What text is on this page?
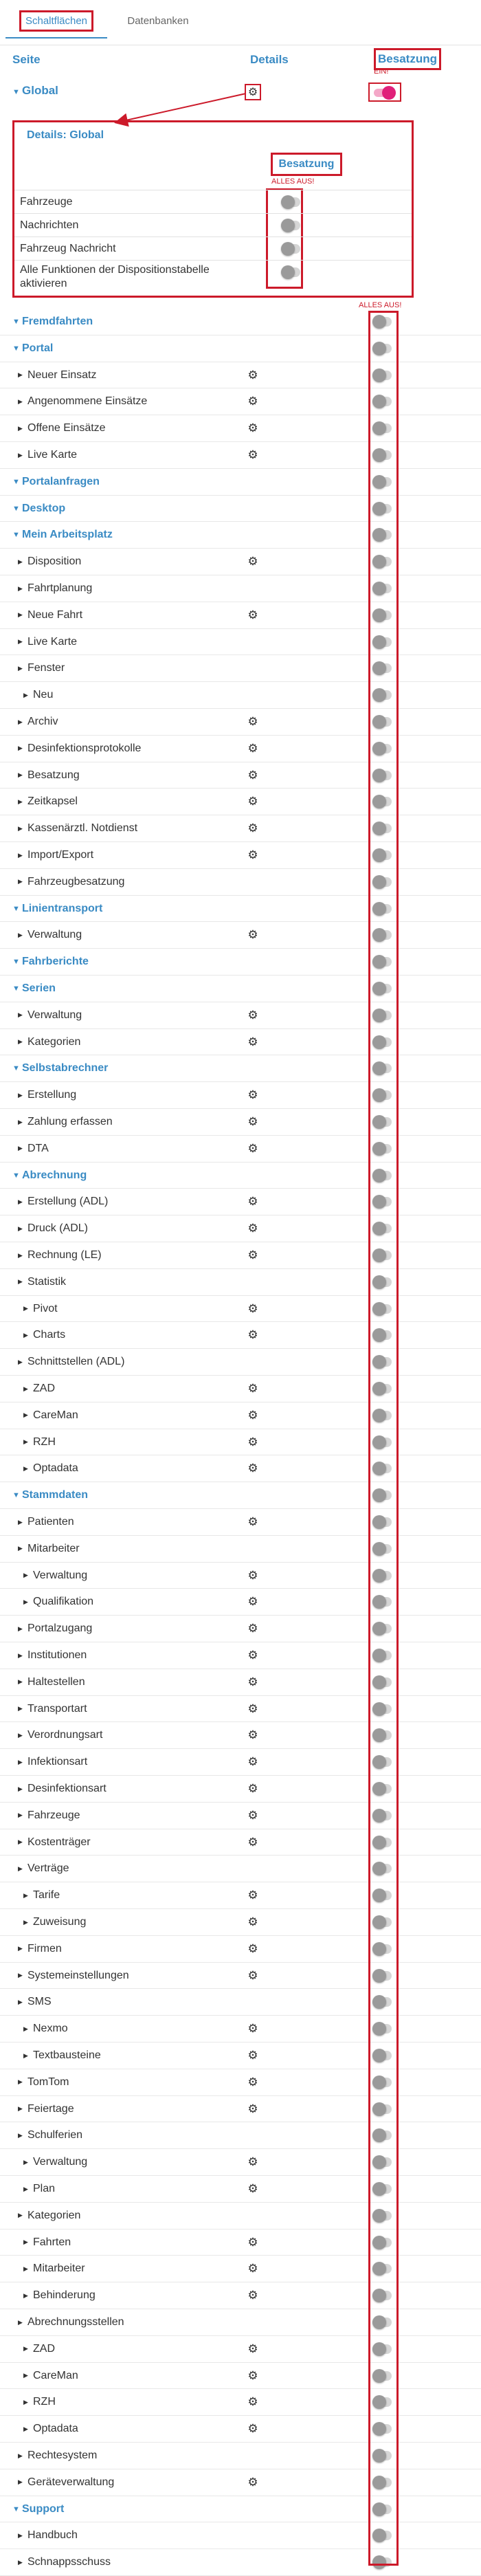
Schaltflächen	Datenbanken
Seite	Details	Besatzung
▼ Global	⚙
EIN!
Details: Global
Besatzung
ALLES AUS!
Fahrzeuge
Nachrichten
Fahrzeug Nachricht
Alle Funktionen der Dispositionstabelle aktivieren
ALLES AUS!
▼ Fremdfahrten
▼ Portal
▶ Neuer Einsatz	⚙
▶ Angenommene Einsätze	⚙
▶ Offene Einsätze	⚙
▶ Live Karte	⚙
▼ Portalanfragen
▼ Desktop
▼ Mein Arbeitsplatz
▶ Disposition	⚙
▶ Fahrtplanung
▶ Neue Fahrt	⚙
▶ Live Karte
▶ Fenster
▶ Neu
▶ Archiv	⚙
▶ Desinfektionsprotokolle	⚙
▶ Besatzung	⚙
▶ Zeitkapsel	⚙
▶ Kassenärztl. Notdienst	⚙
▶ Import/Export	⚙
▶ Fahrzeugbesatzung
▼ Linientransport
▶ Verwaltung	⚙
▼ Fahrberichte
▼ Serien
▶ Verwaltung	⚙
▶ Kategorien	⚙
▼ Selbstabrechner
▶ Erstellung	⚙
▶ Zahlung erfassen	⚙
▶ DTA	⚙
▼ Abrechnung
▶ Erstellung (ADL)	⚙
▶ Druck (ADL)	⚙
▶ Rechnung (LE)	⚙
▶ Statistik
▶ Pivot	⚙
▶ Charts	⚙
▶ Schnittstellen (ADL)
▶ ZAD	⚙
▶ CareMan	⚙
▶ RZH	⚙
▶ Optadata	⚙
▼ Stammdaten
▶ Patienten	⚙
▶ Mitarbeiter
▶ Verwaltung	⚙
▶ Qualifikation	⚙
▶ Portalzugang	⚙
▶ Institutionen	⚙
▶ Haltestellen	⚙
▶ Transportart	⚙
▶ Verordnungsart	⚙
▶ Infektionsart	⚙
▶ Desinfektionsart	⚙
▶ Fahrzeuge	⚙
▶ Kostenträger	⚙
▶ Verträge
▶ Tarife	⚙
▶ Zuweisung	⚙
▶ Firmen	⚙
▶ Systemeinstellungen	⚙
▶ SMS
▶ Nexmo	⚙
▶ Textbausteine	⚙
▶ TomTom	⚙
▶ Feiertage	⚙
▶ Schulferien
▶ Verwaltung	⚙
▶ Plan	⚙
▶ Kategorien
▶ Fahrten	⚙
▶ Mitarbeiter	⚙
▶ Behinderung	⚙
▶ Abrechnungsstellen
▶ ZAD	⚙
▶ CareMan	⚙
▶ RZH	⚙
▶ Optadata	⚙
▶ Rechtesystem
▶ Geräteverwaltung	⚙
▼ Support
▶ Handbuch
▶ Schnappsschuss
